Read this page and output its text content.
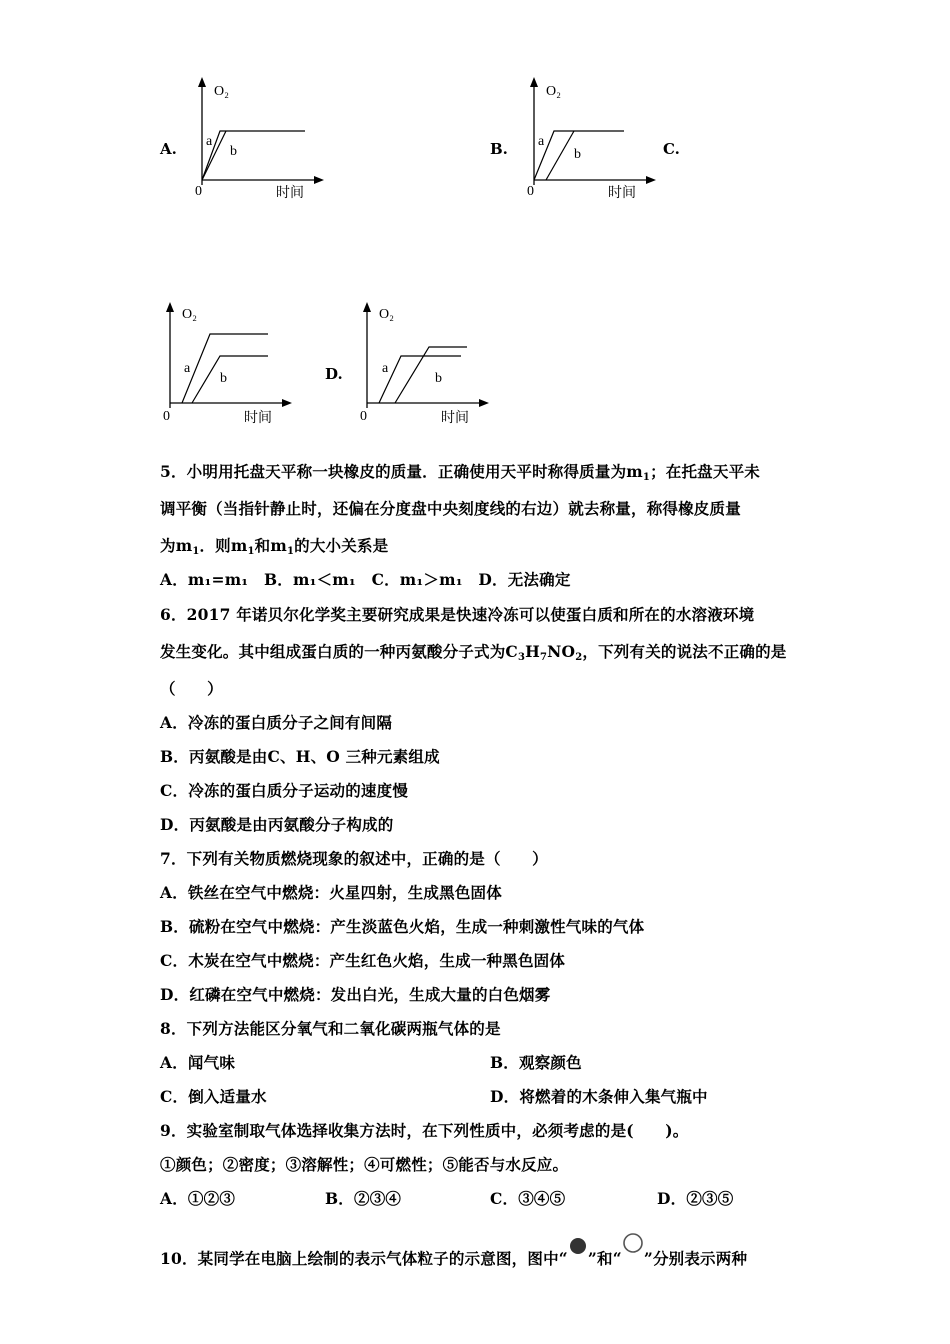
A.
O₂
a
b
0	时间
B.
O₂
a
b
0	时间
C.
O₂
a
b
0	时间
D.
O₂
a
b
0	时间
5．小明用托盘天平称一块橡皮的质量．正确使用天平时称得质量为$m_1$；在托盘天平未
调平衡（当指针静止时，还偏在分度盘中央刻度线的右边）就去称量，称得橡皮质量
为$m_1$．则$m_1$和$m_1$的大小关系是
A．m₁=m₁　B．m₁＜m₁　C．m₁＞m₁　D．无法确定
6．2017 年诺贝尔化学奖主要研究成果是快速冷冻可以使蛋白质和所在的水溶液环境
发生变化。其中组成蛋白质的一种丙氨酸分子式为$C_3H_7NO_2$，下列有关的说法不正确的是
（　　）
A．冷冻的蛋白质分子之间有间隔
B．丙氨酸是由C、H、O 三种元素组成
C．冷冻的蛋白质分子运动的速度慢
D．丙氨酸是由丙氨酸分子构成的
7．下列有关物质燃烧现象的叙述中，正确的是（　　）
A．铁丝在空气中燃烧：火星四射，生成黑色固体
B．硫粉在空气中燃烧：产生淡蓝色火焰，生成一种刺激性气味的气体
C．木炭在空气中燃烧：产生红色火焰，生成一种黑色固体
D．红磷在空气中燃烧：发出白光，生成大量的白色烟雾
8．下列方法能区分氧气和二氧化碳两瓶气体的是
A．闻气味	B．观察颜色
C．倒入适量水	D．将燃着的木条伸入集气瓶中
9．实验室制取气体选择收集方法时，在下列性质中，必须考虑的是(　　)。
①颜色；②密度；③溶解性；④可燃性；⑤能否与水反应。
A．①②③	B．②③④	C．③④⑤	D．②③⑤
10．某同学在电脑上绘制的表示气体粒子的示意图，图中“ ”和“ ”分别表示两种
